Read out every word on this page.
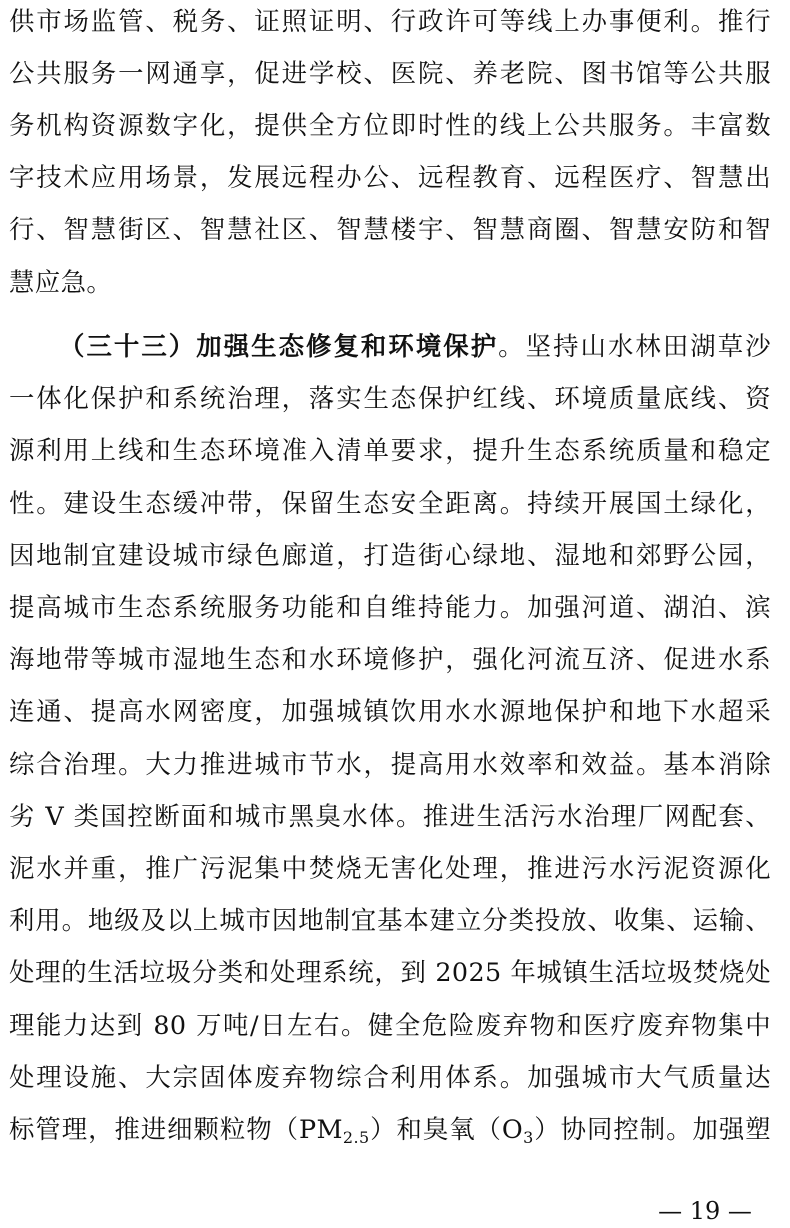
供市场监管、税务、证照证明、行政许可等线上办事便利。推行
公共服务一网通享，促进学校、医院、养老院、图书馆等公共服
务机构资源数字化，提供全方位即时性的线上公共服务。丰富数
字技术应用场景，发展远程办公、远程教育、远程医疗、智慧出
行、智慧街区、智慧社区、智慧楼宇、智慧商圈、智慧安防和智
慧应急。
（三十三）加强生态修复和环境保护。坚持山水林田湖草沙
一体化保护和系统治理，落实生态保护红线、环境质量底线、资
源利用上线和生态环境准入清单要求，提升生态系统质量和稳定
性。建设生态缓冲带，保留生态安全距离。持续开展国土绿化，
因地制宜建设城市绿色廊道，打造街心绿地、湿地和郊野公园，
提高城市生态系统服务功能和自维持能力。加强河道、湖泊、滨
海地带等城市湿地生态和水环境修护，强化河流互济、促进水系
连通、提高水网密度，加强城镇饮用水水源地保护和地下水超采
综合治理。大力推进城市节水，提高用水效率和效益。基本消除
劣 V 类国控断面和城市黑臭水体。推进生活污水治理厂网配套、
泥水并重，推广污泥集中焚烧无害化处理，推进污水污泥资源化
利用。地级及以上城市因地制宜基本建立分类投放、收集、运输、
处理的生活垃圾分类和处理系统，到 2025 年城镇生活垃圾焚烧处
理能力达到 80 万吨/日左右。健全危险废弃物和医疗废弃物集中
处理设施、大宗固体废弃物综合利用体系。加强城市大气质量达
标管理，推进细颗粒物（PM2.5）和臭氧（O3）协同控制。加强塑
— 19 —
